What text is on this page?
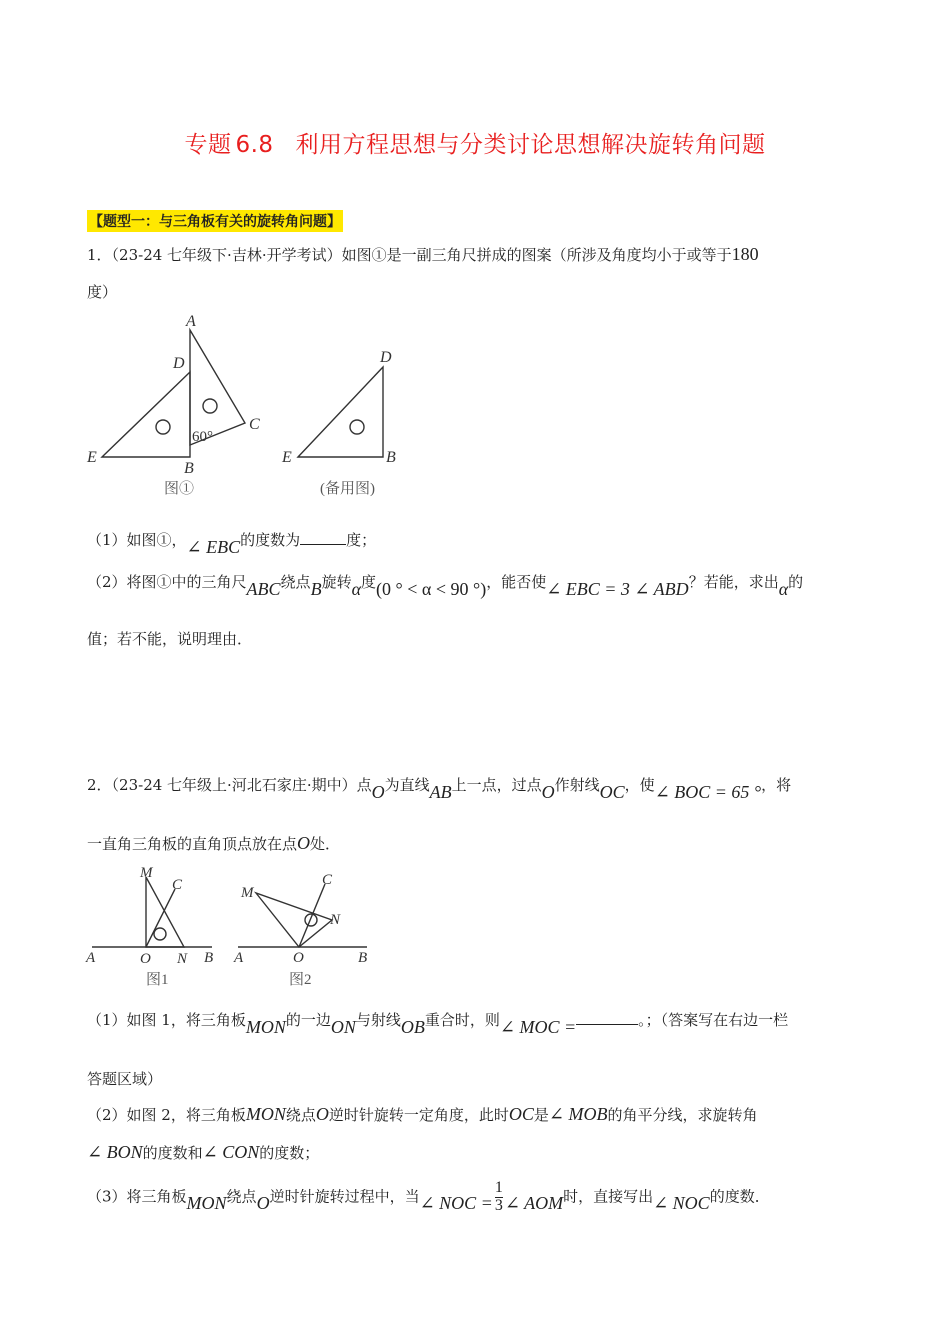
专题 6.8 利用方程思想与分类讨论思想解决旋转角问题
【题型一：与三角板有关的旋转角问题】
1．（23-24 七年级下·吉林·开学考试）如图①是一副三角尺拼成的图案（所涉及角度均小于或等于180
度）
A
D
C
E
B
D
E	B
60°
图①	(备用图)
（1）如图①，∠ EBC的度数为	度；
（2）将图①中的三角尺ABC绕点B旋转α度(0 ° < α < 90 °)，能否使∠ EBC = 3 ∠ ABD？若能，求出α的
值；若不能，说明理由．
2．（23-24 七年级上·河北石家庄·期中）点O为直线AB上一点，过点O作射线OC，使∠ BOC = 65 °，将
一直角三角板的直角顶点放在点O处．
M
C
A	O N B
M
C
N
A	O	B
图1	图2
（1）如图 1，将三角板MON的一边ON与射线OB重合时，则∠ MOC =	。；（答案写在右边一栏
答题区域）
（2）如图 2，将三角板MON绕点O逆时针旋转一定角度，此时OC是∠ MOB的角平分线，求旋转角
∠ BON的度数和∠ CON的度数；
（3）将三角板MON绕点O逆时针旋转过程中，当∠ NOC = $\frac{1}{3}$ ∠ AOM时，直接写出∠ NOC的度数．
